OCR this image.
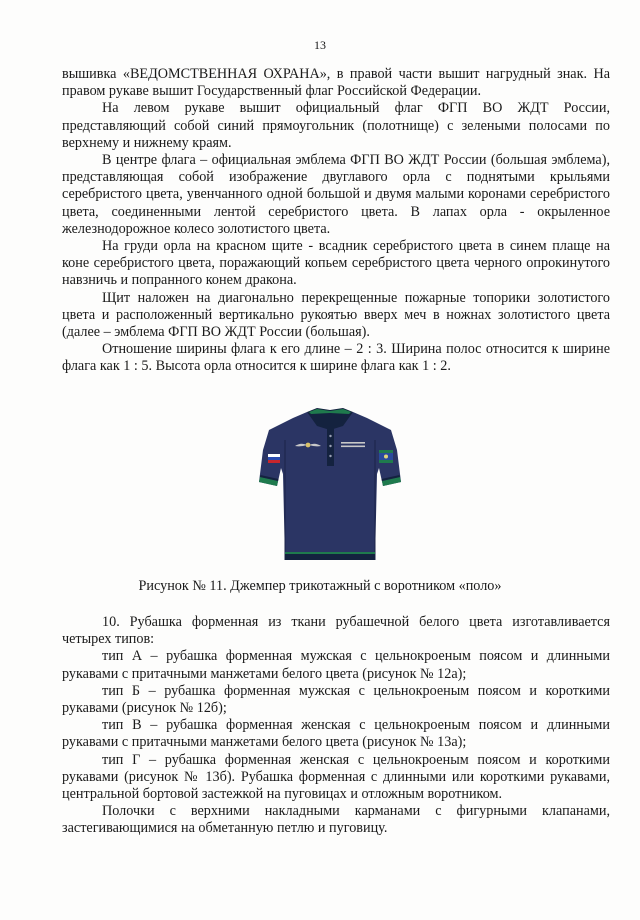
13

вышивка «ВЕДОМСТВЕННАЯ ОХРАНА», в правой части вышит нагрудный знак. На правом рукаве вышит Государственный флаг Российской Федерации.

На левом рукаве вышит официальный флаг ФГП ВО ЖДТ России, представляющий собой синий прямоугольник (полотнище) с зелеными полосами по верхнему и нижнему краям.

В центре флага – официальная эмблема ФГП ВО ЖДТ России (большая эмблема), представляющая собой изображение двуглавого орла с поднятыми крыльями серебристого цвета, увенчанного одной большой и двумя малыми коронами серебристого цвета, соединенными лентой серебристого цвета. В лапах орла - окрыленное железнодорожное колесо золотистого цвета.

На груди орла на красном щите - всадник серебристого цвета в синем плаще на коне серебристого цвета, поражающий копьем серебристого цвета черного опрокинутого навзничь и попранного конем дракона.

Щит наложен на диагонально перекрещенные пожарные топорики золотистого цвета и расположенный вертикально рукоятью вверх меч в ножнах золотистого цвета (далее – эмблема ФГП ВО ЖДТ России (большая).

Отношение ширины флага к его длине – 2 : 3. Ширина полос относится к ширине флага как 1 : 5. Высота орла относится к ширине флага как 1 : 2.

Рисунок № 11. Джемпер трикотажный с воротником «поло»

10. Рубашка форменная из ткани рубашечной белого цвета изготавливается четырех типов:

тип А – рубашка форменная мужская с цельнокроеным поясом и длинными рукавами с притачными манжетами белого цвета (рисунок № 12а);

тип Б – рубашка форменная мужская с цельнокроеным поясом и короткими рукавами (рисунок № 12б);

тип В – рубашка форменная женская с цельнокроеным поясом и длинными рукавами с притачными манжетами белого цвета (рисунок № 13а);

тип Г – рубашка форменная женская с цельнокроеным поясом и короткими рукавами (рисунок № 13б). Рубашка форменная с длинными или короткими рукавами, центральной бортовой застежкой на пуговицах и отложным воротником.

Полочки с верхними накладными карманами с фигурными клапанами, застегивающимися на обметанную петлю и пуговицу.
